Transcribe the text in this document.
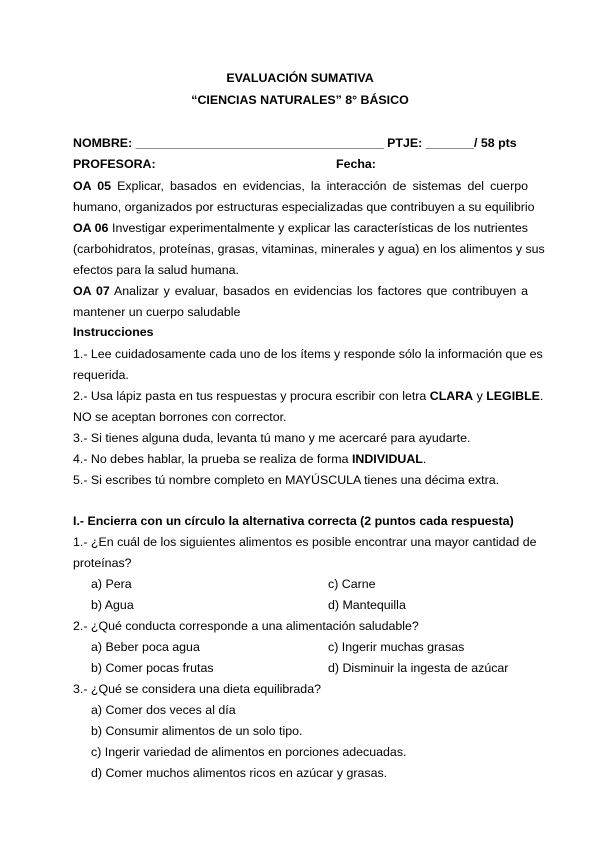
EVALUACIÓN SUMATIVA
“CIENCIAS NATURALES” 8° BÁSICO
NOMBRE: ____________________________________ PTJE: _______/ 58 pts
PROFESORA:	Fecha:
OA 05 Explicar, basados en evidencias, la interacción de sistemas del cuerpo
humano, organizados por estructuras especializadas que contribuyen a su equilibrio
OA 06 Investigar experimentalmente y explicar las características de los nutrientes
(carbohidratos, proteínas, grasas, vitaminas, minerales y agua) en los alimentos y sus
efectos para la salud humana.
OA 07 Analizar y evaluar, basados en evidencias los factores que contribuyen a
mantener un cuerpo saludable
Instrucciones
1.- Lee cuidadosamente cada uno de los ítems y responde sólo la información que es
requerida.
2.- Usa lápiz pasta en tus respuestas y procura escribir con letra CLARA y LEGIBLE.
NO se aceptan borrones con corrector.
3.- Si tienes alguna duda, levanta tú mano y me acercaré para ayudarte.
4.- No debes hablar, la prueba se realiza de forma INDIVIDUAL.
5.- Si escribes tú nombre completo en MAYÚSCULA tienes una décima extra.
I.- Encierra con un círculo la alternativa correcta (2 puntos cada respuesta)
1.- ¿En cuál de los siguientes alimentos es posible encontrar una mayor cantidad de
proteínas?
a) Pera	c) Carne
b) Agua	d) Mantequilla
2.- ¿Qué conducta corresponde a una alimentación saludable?
a) Beber poca agua	c) Ingerir muchas grasas
b) Comer pocas frutas	d) Disminuir la ingesta de azúcar
3.- ¿Qué se considera una dieta equilibrada?
a) Comer dos veces al día
b) Consumir alimentos de un solo tipo.
c) Ingerir variedad de alimentos en porciones adecuadas.
d) Comer muchos alimentos ricos en azúcar y grasas.
